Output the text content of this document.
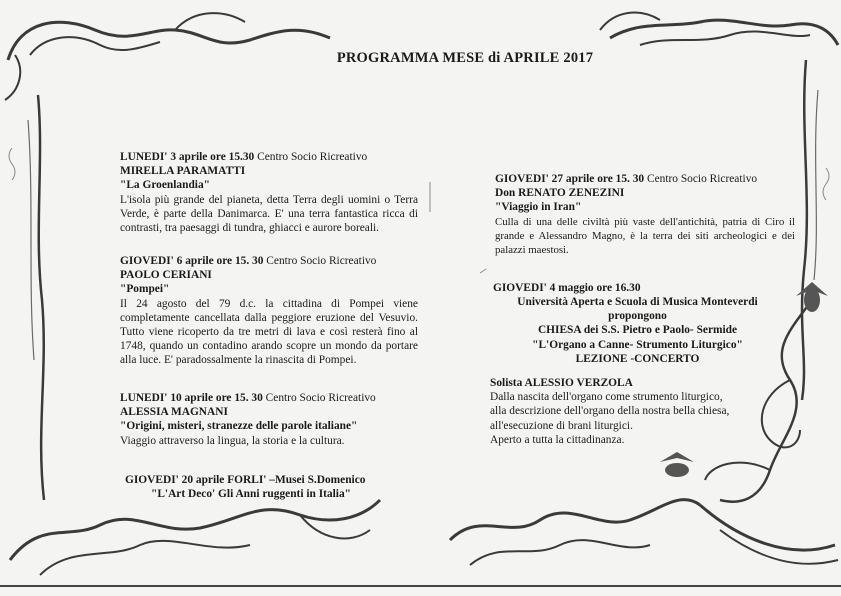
PROGRAMMA MESE di APRILE 2017
LUNEDI' 3 aprile ore 15.30 Centro Socio Ricreativo
MIRELLA PARAMATTI
"La Groenlandia"
L'isola più grande del pianeta, detta Terra degli uomini o Terra Verde, è parte della Danimarca. E' una terra fantastica ricca di contrasti, tra paesaggi di tundra, ghiacci e aurore boreali.
GIOVEDI' 6 aprile ore 15. 30 Centro Socio Ricreativo
PAOLO CERIANI
"Pompei"
Il 24 agosto del 79 d.c. la cittadina di Pompei viene completamente cancellata dalla peggiore eruzione del Vesuvio. Tutto viene ricoperto da tre metri di lava e così resterà fino al 1748, quando un contadino arando scopre un mondo da portare alla luce. E' paradossalmente la rinascita di Pompei.
LUNEDI' 10 aprile ore 15. 30 Centro Socio Ricreativo
ALESSIA MAGNANI
"Origini, misteri, stranezze delle parole italiane"
Viaggio attraverso la lingua, la storia e la cultura.
GIOVEDI' 20 aprile FORLI' –Musei S.Domenico
"L'Art Deco' Gli Anni ruggenti in Italia"
GIOVEDI' 27 aprile ore 15. 30 Centro Socio Ricreativo
Don RENATO ZENEZINI
"Viaggio in Iran"
Culla di una delle civiltà più vaste dell'antichità, patria di Ciro il grande e Alessandro Magno, è la terra dei siti archeologici e dei palazzi maestosi.
GIOVEDI' 4 maggio ore 16.30
Università Aperta e Scuola di Musica Monteverdi
propongono
CHIESA dei S.S. Pietro e Paolo- Sermide
"L'Organo a Canne- Strumento Liturgico"
LEZIONE -CONCERTO
Solista ALESSIO VERZOLA
Dalla nascita dell'organo come strumento liturgico,
alla descrizione dell'organo della nostra bella chiesa,
all'esecuzione di brani liturgici.
Aperto a tutta la cittadinanza.
